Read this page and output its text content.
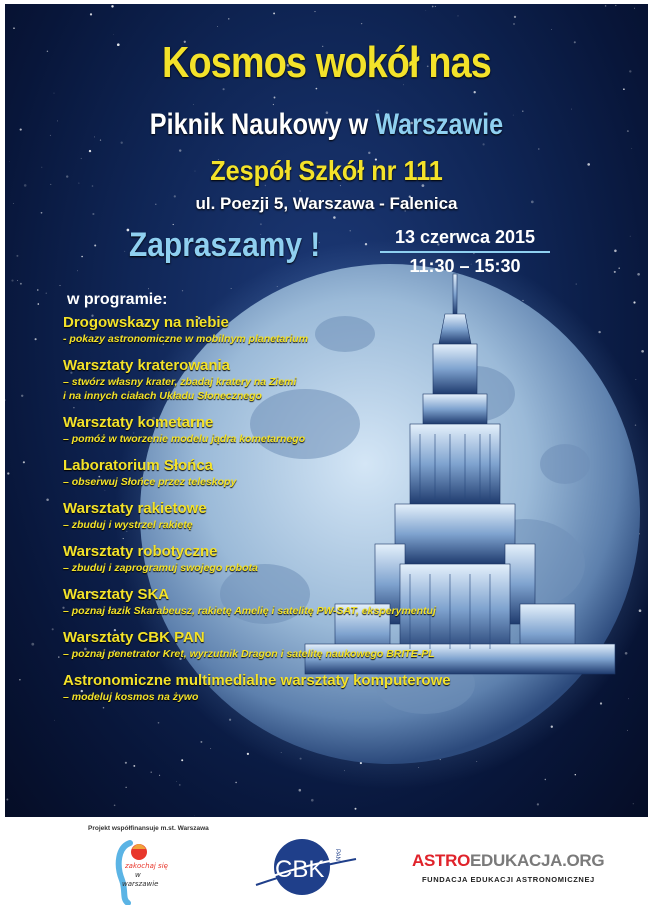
Kosmos wokół nas
Piknik Naukowy w Warszawie
Zespół Szkół nr 111
ul. Poezji 5, Warszawa - Falenica
Zapraszamy !	13 czerwca 2015
11:30 – 15:30
w programie:
Drogowskazy na niebie
- pokazy astronomiczne w mobilnym planetarium
Warsztaty kraterowania
– stwórz własny krater, zbadaj kratery na Ziemi
i na innych ciałach Układu Słonecznego
Warsztaty kometarne
– pomóż w tworzenie modelu jądra kometarnego
Laboratorium Słońca
– obserwuj Słońce przez teleskopy
Warsztaty rakietowe
– zbuduj i wystrzel rakietę
Warsztaty robotyczne
– zbuduj i zaprogramuj swojego robota
Warsztaty SKA
– poznaj łazik Skarabeusz, rakietę Amelię i satelitę PW-SAT, eksperymentuj
Warsztaty CBK PAN
– poznaj penetrator Kret, wyrzutnik Dragon i satelitę naukowego BRITE-PL
Astronomiczne multimedialne warsztaty komputerowe
– modeluj kosmos na żywo
Projekt współfinansuje m.st. Warszawa
zakochaj się
w
warszawie
CBK
PAN	ASTROEDUKACJA.ORG
FUNDACJA EDUKACJI ASTRONOMICZNEJ
